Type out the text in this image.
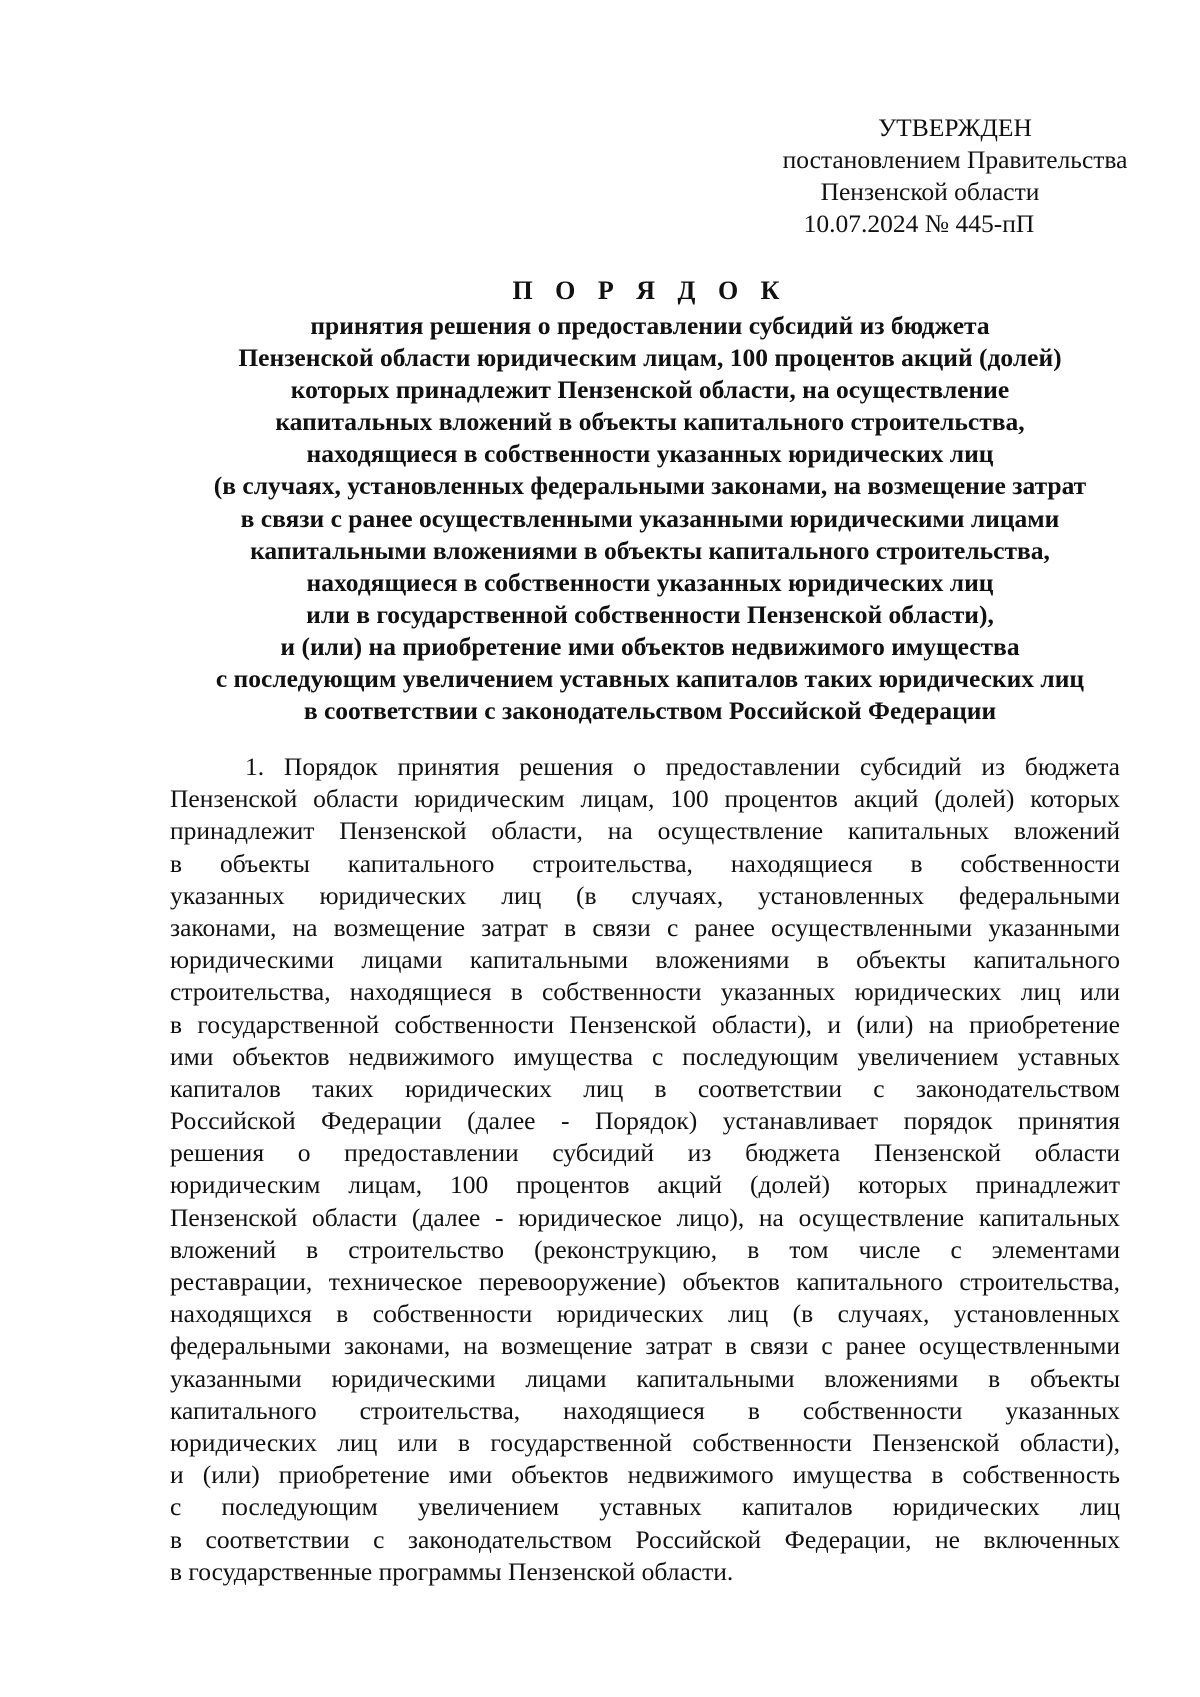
УТВЕРЖДЕН
постановлением Правительства
Пензенской области
10.07.2024 № 445-пП
П О Р Я Д О К
принятия решения о предоставлении субсидий из бюджета
Пензенской области юридическим лицам, 100 процентов акций (долей)
которых принадлежит Пензенской области, на осуществление
капитальных вложений в объекты капитального строительства,
находящиеся в собственности указанных юридических лиц
(в случаях, установленных федеральными законами, на возмещение затрат
в связи с ранее осуществленными указанными юридическими лицами
капитальными вложениями в объекты капитального строительства,
находящиеся в собственности указанных юридических лиц
или в государственной собственности Пензенской области),
и (или) на приобретение ими объектов недвижимого имущества
с последующим увеличением уставных капиталов таких юридических лиц
в соответствии с законодательством Российской Федерации
1. Порядок принятия решения о предоставлении субсидий из бюджета
Пензенской области юридическим лицам, 100 процентов акций (долей) которых
принадлежит Пензенской области, на осуществление капитальных вложений
в объекты капитального строительства, находящиеся в собственности
указанных юридических лиц (в случаях, установленных федеральными
законами, на возмещение затрат в связи с ранее осуществленными указанными
юридическими лицами капитальными вложениями в объекты капитального
строительства, находящиеся в собственности указанных юридических лиц или
в государственной собственности Пензенской области), и (или) на приобретение
ими объектов недвижимого имущества с последующим увеличением уставных
капиталов таких юридических лиц в соответствии с законодательством
Российской Федерации (далее - Порядок) устанавливает порядок принятия
решения о предоставлении субсидий из бюджета Пензенской области
юридическим лицам, 100 процентов акций (долей) которых принадлежит
Пензенской области (далее - юридическое лицо), на осуществление капитальных
вложений в строительство (реконструкцию, в том числе с элементами
реставрации, техническое перевооружение) объектов капитального строительства,
находящихся в собственности юридических лиц (в случаях, установленных
федеральными законами, на возмещение затрат в связи с ранее осуществленными
указанными юридическими лицами капитальными вложениями в объекты
капитального строительства, находящиеся в собственности указанных
юридических лиц или в государственной собственности Пензенской области),
и (или) приобретение ими объектов недвижимого имущества в собственность
с последующим увеличением уставных капиталов юридических лиц
в соответствии с законодательством Российской Федерации, не включенных
в государственные программы Пензенской области.
